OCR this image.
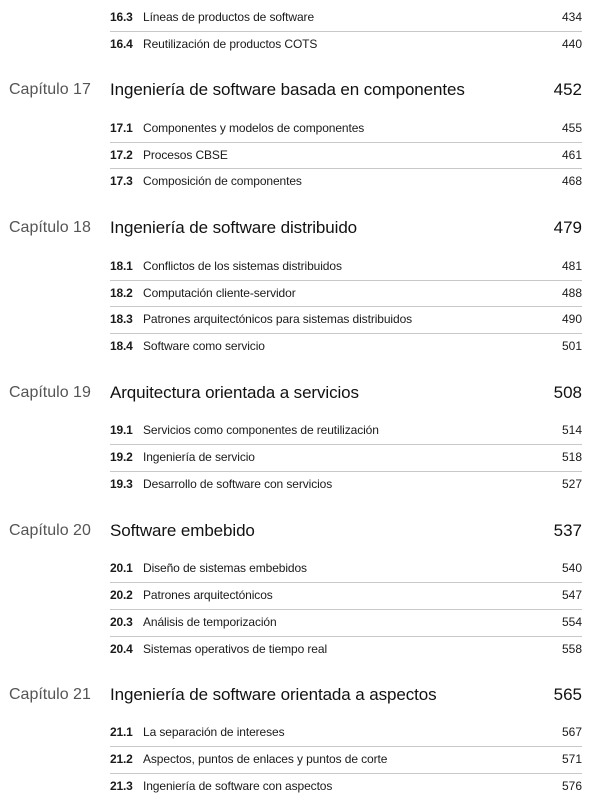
16.3 Líneas de productos de software	434
16.4 Reutilización de productos COTS	440
Capítulo 17 Ingeniería de software basada en componentes	452
17.1 Componentes y modelos de componentes	455
17.2 Procesos CBSE	461
17.3 Composición de componentes	468
Capítulo 18 Ingeniería de software distribuido	479
18.1 Conflictos de los sistemas distribuidos	481
18.2 Computación cliente-servidor	488
18.3 Patrones arquitectónicos para sistemas distribuidos	490
18.4 Software como servicio	501
Capítulo 19 Arquitectura orientada a servicios	508
19.1 Servicios como componentes de reutilización	514
19.2 Ingeniería de servicio	518
19.3 Desarrollo de software con servicios	527
Capítulo 20 Software embebido	537
20.1 Diseño de sistemas embebidos	540
20.2 Patrones arquitectónicos	547
20.3 Análisis de temporización	554
20.4 Sistemas operativos de tiempo real	558
Capítulo 21 Ingeniería de software orientada a aspectos	565
21.1 La separación de intereses	567
21.2 Aspectos, puntos de enlaces y puntos de corte	571
21.3 Ingeniería de software con aspectos	576
